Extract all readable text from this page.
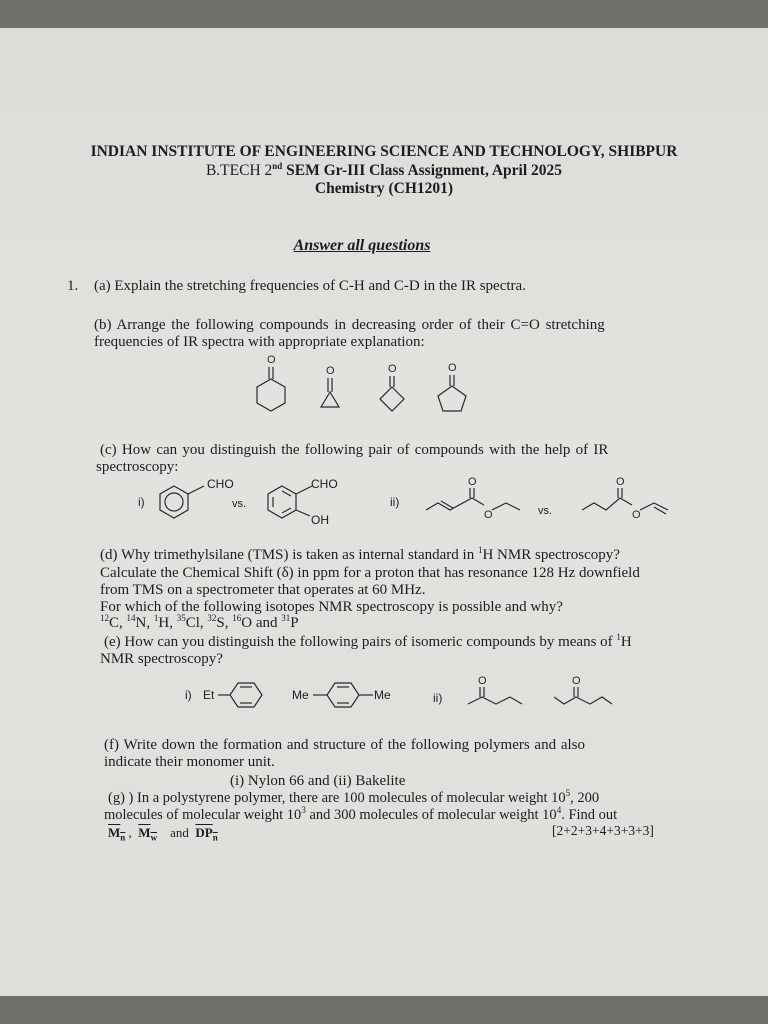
INDIAN INSTITUTE OF ENGINEERING SCIENCE AND TECHNOLOGY, SHIBPUR
B.TECH 2nd SEM Gr-III Class Assignment, April 2025
Chemistry (CH1201)
Answer all questions
1. (a) Explain the stretching frequencies of C-H and C-D in the IR spectra.
(b) Arrange the following compounds in decreasing order of their C=O stretching
frequencies of IR spectra with appropriate explanation:
O
O	O	O
(c) How can you distinguish the following pair of compounds with the help of IR
spectroscopy:
i)
CHO
vs.
CHO
OH
ii)
O
O	vs.
O
O
(d) Why trimethylsilane (TMS) is taken as internal standard in $^1$H NMR spectroscopy?
Calculate the Chemical Shift (δ) in ppm for a proton that has resonance 128 Hz downfield
from TMS on a spectrometer that operates at 60 MHz.
For which of the following isotopes NMR spectroscopy is possible and why?
$^{12}$C, $^{14}$N, $^1$H, $^{35}$Cl, $^{32}$S, $^{16}$O and $^{31}$P
(e) How can you distinguish the following pairs of isomeric compounds by means of $^1$H
NMR spectroscopy?
i) Et	Me	Me	ii)
O	O
(f) Write down the formation and structure of the following polymers and also
indicate their monomer unit.
(i) Nylon 66 and (ii) Bakelite
(g) ) In a polystyrene polymer, there are 100 molecules of molecular weight $10^5$, 200
molecules of molecular weight $10^3$ and 300 molecules of molecular weight $10^4$. Find out
$M_n$ , $M_w$ and $DP_n$	[2+2+3+4+3+3+3]
